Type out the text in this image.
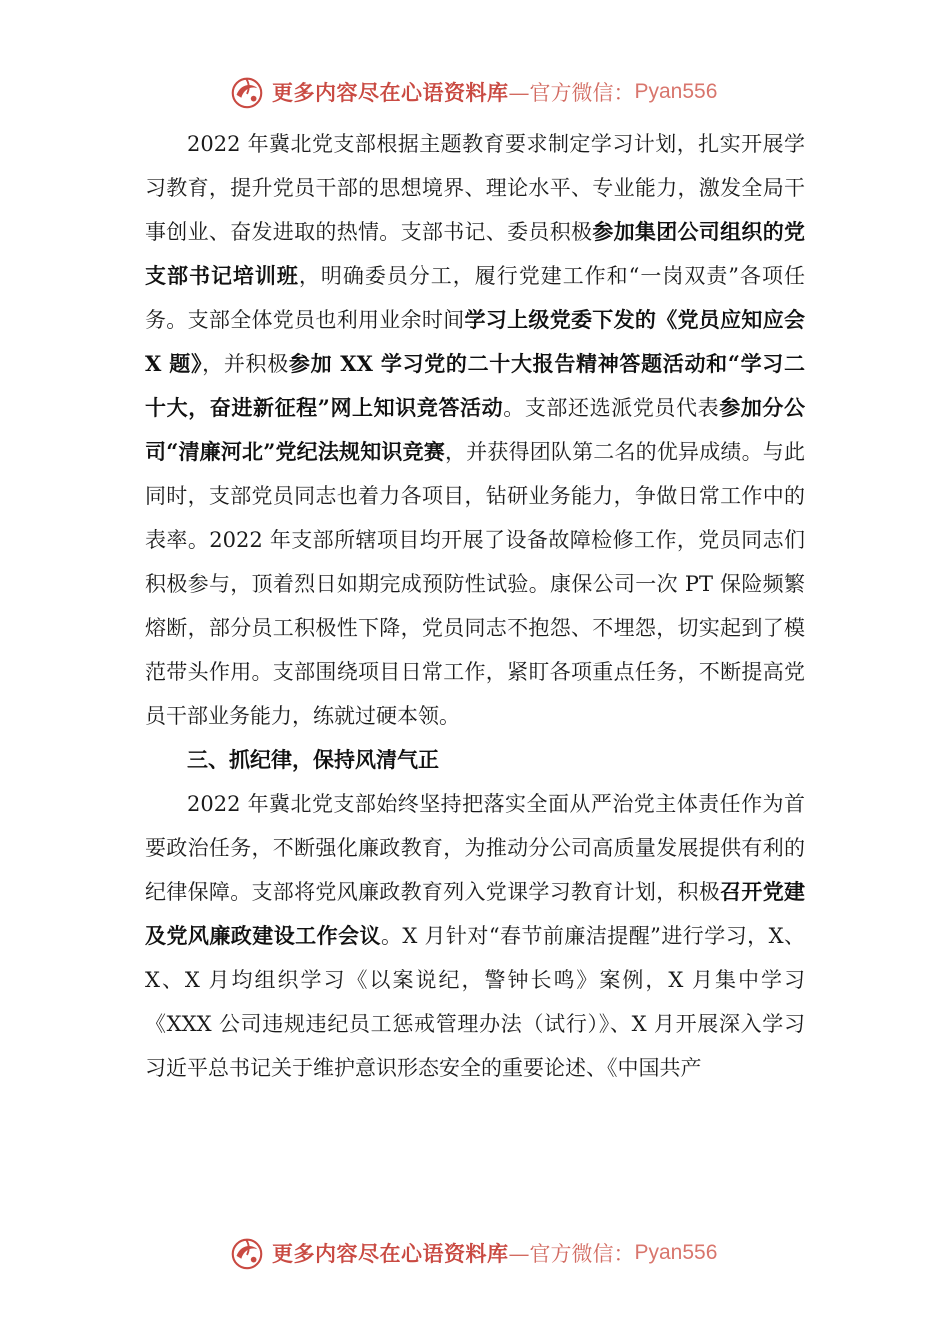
更多内容尽在心语资料库 —官方微信： Pyan556

2022 年冀北党支部根据主题教育要求制定学习计划，扎实开展学习教育，提升党员干部的思想境界、理论水平、专业能力，激发全局干事创业、奋发进取的热情。支部书记、委员积极参加集团公司组织的党支部书记培训班，明确委员分工，履行党建工作和“一岗双责”各项任务。支部全体党员也利用业余时间学习上级党委下发的《党员应知应会 X 题》，并积极参加 XX 学习党的二十大报告精神答题活动和“学习二十大，奋进新征程”网上知识竞答活动。支部还选派党员代表参加分公司“清廉河北”党纪法规知识竞赛，并获得团队第二名的优异成绩。与此同时，支部党员同志也着力各项目，钻研业务能力，争做日常工作中的表率。2022 年支部所辖项目均开展了设备故障检修工作，党员同志们积极参与，顶着烈日如期完成预防性试验。康保公司一次 PT 保险频繁熔断，部分员工积极性下降，党员同志不抱怨、不埋怨，切实起到了模范带头作用。支部围绕项目日常工作，紧盯各项重点任务，不断提高党员干部业务能力，练就过硬本领。

三、抓纪律，保持风清气正

2022 年冀北党支部始终坚持把落实全面从严治党主体责任作为首要政治任务，不断强化廉政教育，为推动分公司高质量发展提供有利的纪律保障。支部将党风廉政教育列入党课学习教育计划，积极召开党建及党风廉政建设工作会议。X 月针对“春节前廉洁提醒”进行学习，X、X、X 月均组织学习《以案说纪，警钟长鸣》案例，X 月集中学习《XXX 公司违规违纪员工惩戒管理办法（试行）》、X 月开展深入学习习近平总书记关于维护意识形态安全的重要论述、《中国共产

更多内容尽在心语资料库 —官方微信： Pyan556
